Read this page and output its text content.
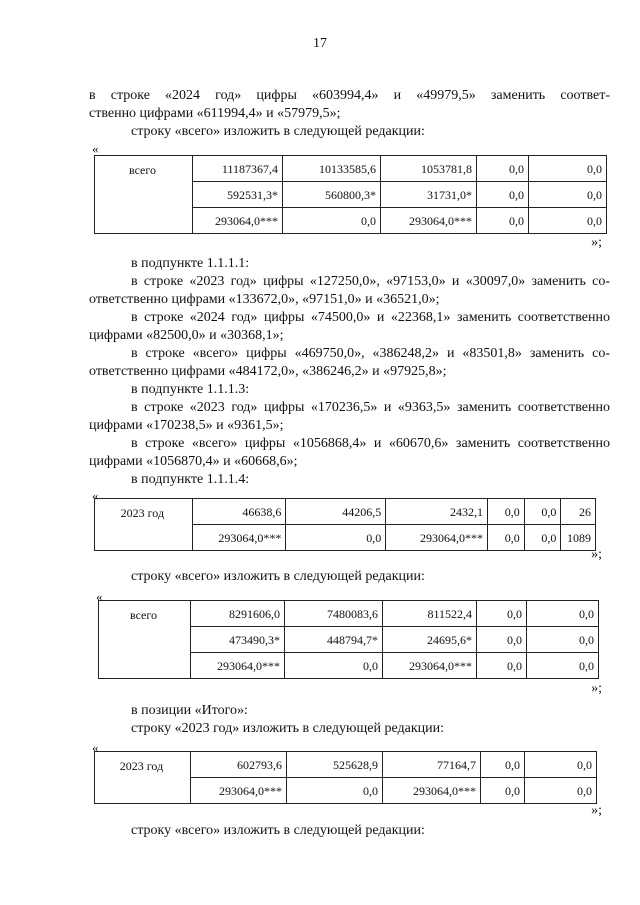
17
в строке «2024 год» цифры «603994,4» и «49979,5» заменить соответ-
ственно цифрами «611994,4» и «57979,5»;
строку «всего» изложить в следующей редакции:
«
всего	11187367,4	10133585,6	1053781,8	0,0	0,0
	592531,3*	560800,3*	31731,0*	0,0	0,0
	293064,0***	0,0	293064,0***	0,0	0,0
»;
в подпункте 1.1.1.1:
в строке «2023 год» цифры «127250,0», «97153,0» и «30097,0» заменить со-
ответственно цифрами «133672,0», «97151,0» и «36521,0»;
в строке «2024 год» цифры «74500,0» и «22368,1» заменить соответственно
цифрами «82500,0» и «30368,1»;
в строке «всего» цифры «469750,0», «386248,2» и «83501,8» заменить со-
ответственно цифрами «484172,0», «386246,2» и «97925,8»;
в подпункте 1.1.1.3:
в строке «2023 год» цифры «170236,5» и «9363,5» заменить соответственно
цифрами «170238,5» и «9361,5»;
в строке «всего» цифры «1056868,4» и «60670,6» заменить соответственно
цифрами «1056870,4» и «60668,6»;
в подпункте 1.1.1.4:
«
2023 год	46638,6	44206,5	2432,1	0,0	0,0	26
	293064,0***	0,0	293064,0***	0,0	0,0	1089
»;
строку «всего» изложить в следующей редакции:
«
всего	8291606,0	7480083,6	811522,4	0,0	0,0
	473490,3*	448794,7*	24695,6*	0,0	0,0
	293064,0***	0,0	293064,0***	0,0	0,0
»;
в позиции «Итого»:
строку «2023 год» изложить в следующей редакции:
«
2023 год	602793,6	525628,9	77164,7	0,0	0,0
	293064,0***	0,0	293064,0***	0,0	0,0
»;
строку «всего» изложить в следующей редакции:
